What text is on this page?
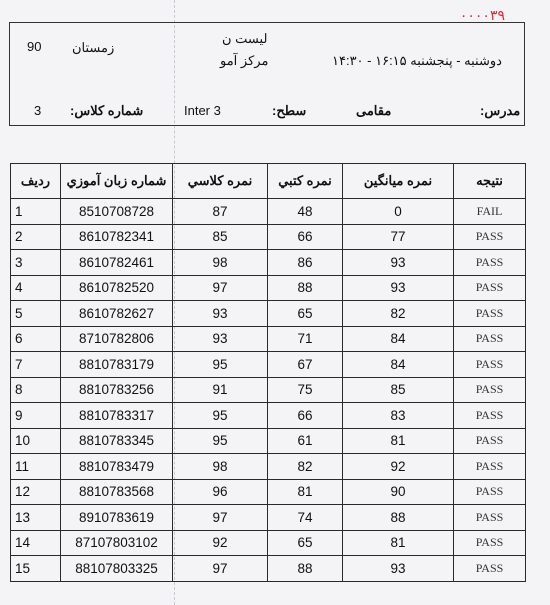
۰۰۰۰۳۹
90 زمستان
لیست ن
مرکز آمو	دوشنبه - پنجشنبه ۱۶:۱۵ - ۱۴:۳۰
3 شماره کلاس:	Inter 3	سطح:	مقامی	مدرس:
ردیف	شماره زبان آموزي	نمره كلاسي	نمره كتبي	نمره ميانگين	نتيجه
1	8510708728	87	48	0	FAIL
2	8610782341	85	66	77	PASS
3	8610782461	98	86	93	PASS
4	8610782520	97	88	93	PASS
5	8610782627	93	65	82	PASS
6	8710782806	93	71	84	PASS
7	8810783179	95	67	84	PASS
8	8810783256	91	75	85	PASS
9	8810783317	95	66	83	PASS
10	8810783345	95	61	81	PASS
11	8810783479	98	82	92	PASS
12	8810783568	96	81	90	PASS
13	8910783619	97	74	88	PASS
14	87107803102	92	65	81	PASS
15	88107803325	97	88	93	PASS
